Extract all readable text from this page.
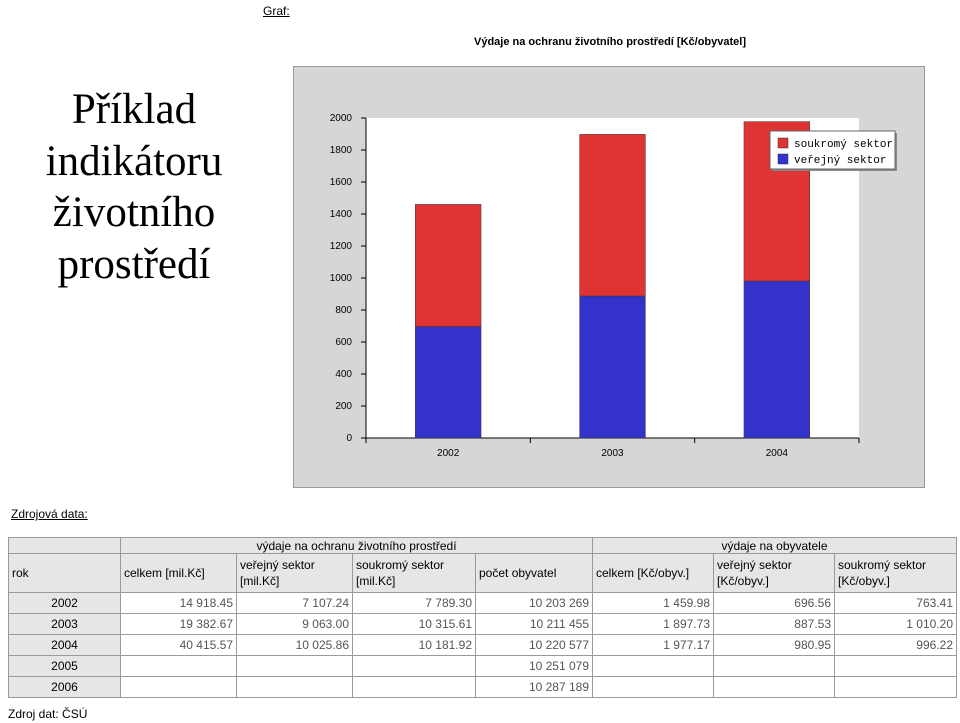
Příklad
indikátoru
životního
prostředí
Graf:
Výdaje na ochranu životního prostředí [Kč/obyvatel]
0
200
400
600
800
1000
1200
1400
1600
1800
2000
2002	2003	2004
soukromý sektor
veřejný sektor
Zdrojová data:
	výdaje na ochranu životního prostředí				výdaje na obyvatele		
rok	celkem [mil.Kč]	veřejný sektor [mil.Kč]	soukromý sektor [mil.Kč]	počet obyvatel	celkem [Kč/obyv.]	veřejný sektor [Kč/obyv.]	soukromý sektor [Kč/obyv.]
2002	14 918.45	7 107.24	7 789.30	10 203 269	1 459.98	696.56	763.41
2003	19 382.67	9 063.00	10 315.61	10 211 455	1 897.73	887.53	1 010.20
2004	40 415.57	10 025.86	10 181.92	10 220 577	1 977.17	980.95	996.22
2005				10 251 079			
2006				10 287 189			
Zdroj dat: ČSÚ
